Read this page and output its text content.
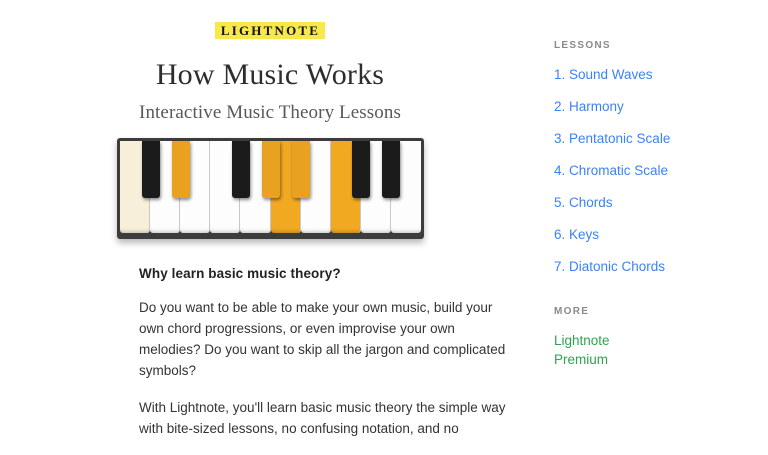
LIGHTNOTE
How Music Works
Interactive Music Theory Lessons
Why learn basic music theory?

Do you want to be able to make your own music, build your own chord progressions, or even improvise your own melodies? Do you want to skip all the jargon and complicated symbols?

With Lightnote, you'll learn basic music theory the simple way with bite-sized lessons, no confusing notation, and no

LESSONS
1. Sound Waves
2. Harmony
3. Pentatonic Scale
4. Chromatic Scale
5. Chords
6. Keys
7. Diatonic Chords
MORE
Lightnote Premium
